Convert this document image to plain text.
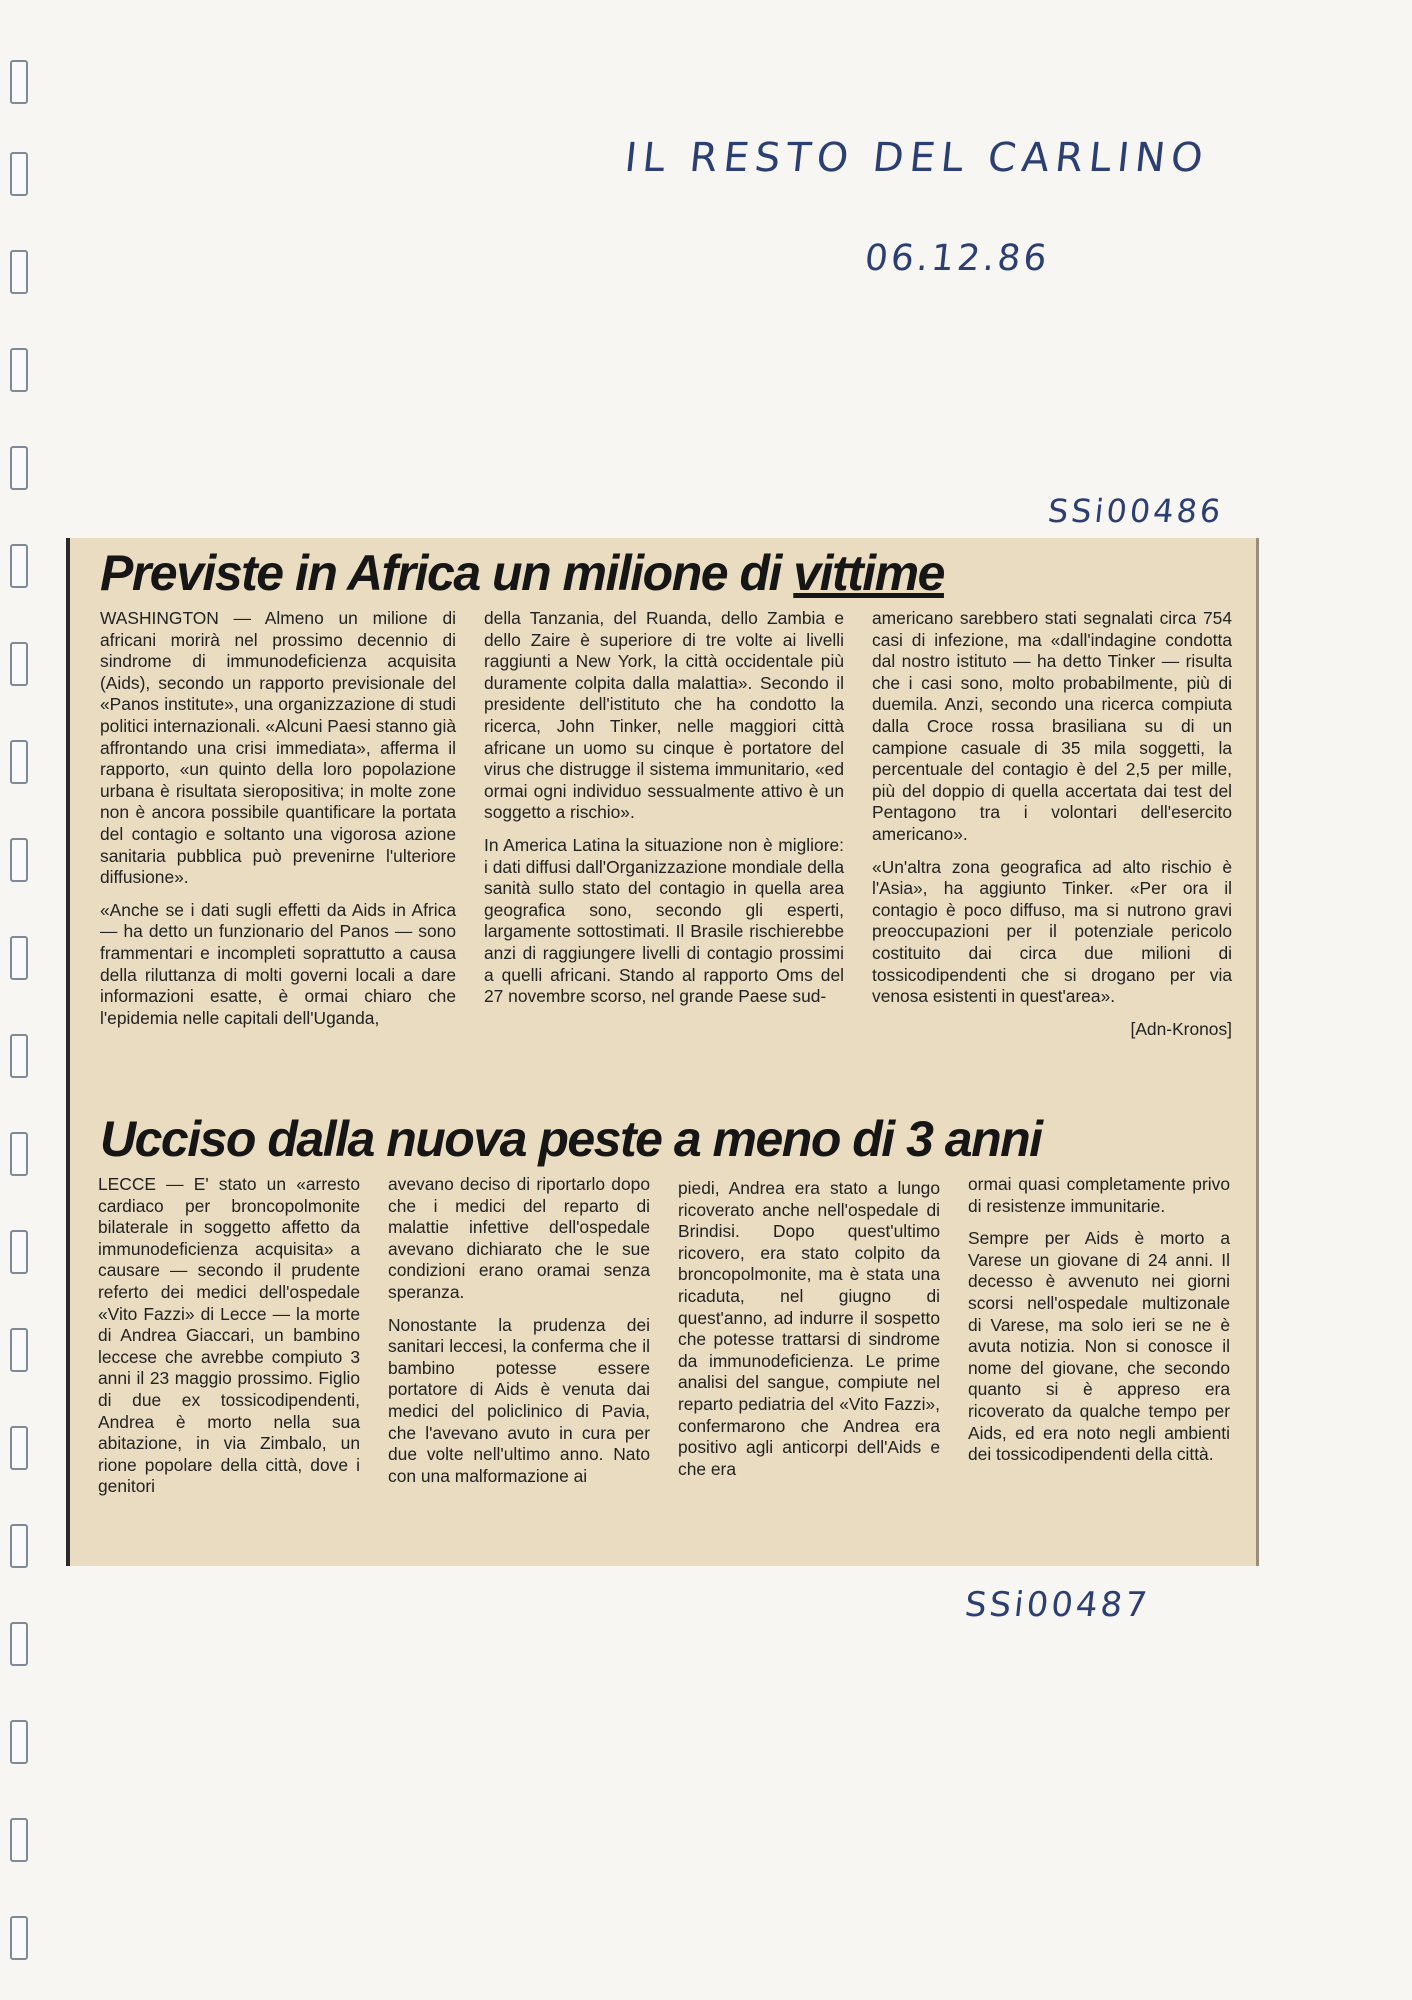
IL RESTO DEL CARLINO
06.12.86
SSi00486
Previste in Africa un milione di vittime

WASHINGTON — Almeno un milione di africani morirà nel prossimo decennio di sindrome di immunodeficienza acquisita (Aids), secondo un rapporto previsionale del «Panos institute», una organizzazione di studi politici internazionali. «Alcuni Paesi stanno già affrontando una crisi immediata», afferma il rapporto, «un quinto della loro popolazione urbana è risultata sieropositiva; in molte zone non è ancora possibile quantificare la portata del contagio e soltanto una vigorosa azione sanitaria pubblica può prevenirne l'ulteriore diffusione».

«Anche se i dati sugli effetti da Aids in Africa — ha detto un funzionario del Panos — sono frammentari e incompleti soprattutto a causa della riluttanza di molti governi locali a dare informazioni esatte, è ormai chiaro che l'epidemia nelle capitali dell'Uganda,

della Tanzania, del Ruanda, dello Zambia e dello Zaire è superiore di tre volte ai livelli raggiunti a New York, la città occidentale più duramente colpita dalla malattia». Secondo il presidente dell'istituto che ha condotto la ricerca, John Tinker, nelle maggiori città africane un uomo su cinque è portatore del virus che distrugge il sistema immunitario, «ed ormai ogni individuo sessualmente attivo è un soggetto a rischio».

In America Latina la situazione non è migliore: i dati diffusi dall'Organizzazione mondiale della sanità sullo stato del contagio in quella area geografica sono, secondo gli esperti, largamente sottostimati. Il Brasile rischierebbe anzi di raggiungere livelli di contagio prossimi a quelli africani. Stando al rapporto Oms del 27 novembre scorso, nel grande Paese sud-

americano sarebbero stati segnalati circa 754 casi di infezione, ma «dall'indagine condotta dal nostro istituto — ha detto Tinker — risulta che i casi sono, molto probabilmente, più di duemila. Anzi, secondo una ricerca compiuta dalla Croce rossa brasiliana su di un campione casuale di 35 mila soggetti, la percentuale del contagio è del 2,5 per mille, più del doppio di quella accertata dai test del Pentagono tra i volontari dell'esercito americano».

«Un'altra zona geografica ad alto rischio è l'Asia», ha aggiunto Tinker. «Per ora il contagio è poco diffuso, ma si nutrono gravi preoccupazioni per il potenziale pericolo costituito dai circa due milioni di tossicodipendenti che si drogano per via venosa esistenti in quest'area».

[Adn-Kronos]
Ucciso dalla nuova peste a meno di 3 anni

LECCE — E' stato un «arresto cardiaco per broncopolmonite bilaterale in soggetto affetto da immunodeficienza acquisita» a causare — secondo il prudente referto dei medici dell'ospedale «Vito Fazzi» di Lecce — la morte di Andrea Giaccari, un bambino leccese che avrebbe compiuto 3 anni il 23 maggio prossimo. Figlio di due ex tossicodipendenti, Andrea è morto nella sua abitazione, in via Zimbalo, un rione popolare della città, dove i genitori

avevano deciso di riportarlo dopo che i medici del reparto di malattie infettive dell'ospedale avevano dichiarato che le sue condizioni erano oramai senza speranza.

Nonostante la prudenza dei sanitari leccesi, la conferma che il bambino potesse essere portatore di Aids è venuta dai medici del policlinico di Pavia, che l'avevano avuto in cura per due volte nell'ultimo anno. Nato con una malformazione ai

piedi, Andrea era stato a lungo ricoverato anche nell'ospedale di Brindisi. Dopo quest'ultimo ricovero, era stato colpito da broncopolmonite, ma è stata una ricaduta, nel giugno di quest'anno, ad indurre il sospetto che potesse trattarsi di sindrome da immunodeficienza. Le prime analisi del sangue, compiute nel reparto pediatria del «Vito Fazzi», confermarono che Andrea era positivo agli anticorpi dell'Aids e che era

ormai quasi completamente privo di resistenze immunitarie.

Sempre per Aids è morto a Varese un giovane di 24 anni. Il decesso è avvenuto nei giorni scorsi nell'ospedale multizonale di Varese, ma solo ieri se ne è avuta notizia. Non si conosce il nome del giovane, che secondo quanto si è appreso era ricoverato da qualche tempo per Aids, ed era noto negli ambienti dei tossicodipendenti della città.

SSi00487
